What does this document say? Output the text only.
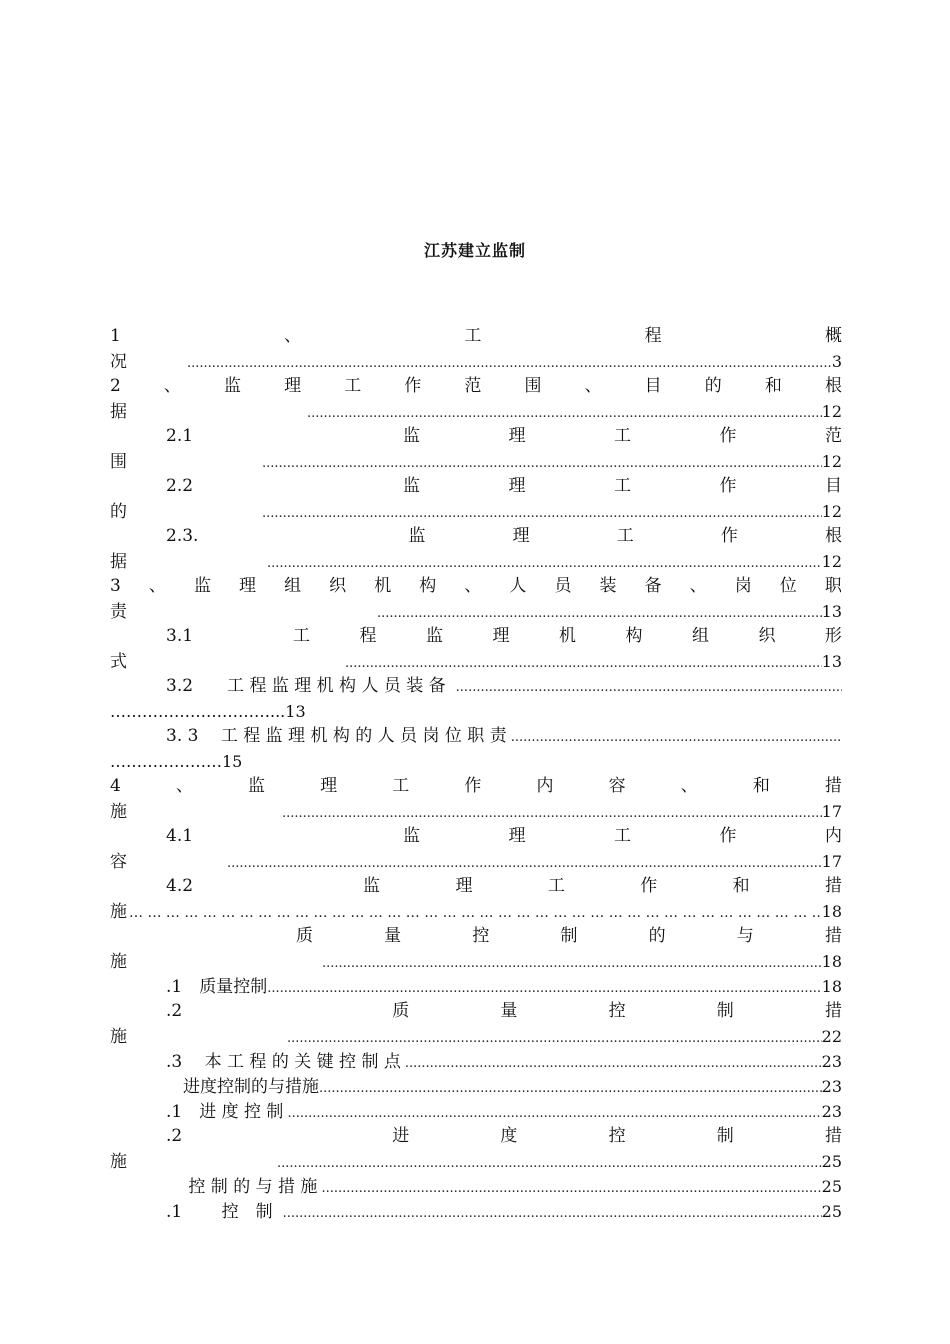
江苏建立监制
1	、	工	程	概
况 .....	3
2	、	监	理	工	作	范	围	、	目	的	和	根
据 .....	12
2.1	监	理	工	作	范
围 .....	12
2.2	监	理	工	作	目
的 .....	12
2.3.	监	理	工	作	根
据 .....	12
3 、 监 理 组 织 机 构 、 人 员 装 备 、 岗 位 职
责 .....	13
3.1	工	程	监	理	机	构	组	织	形
式 .....	13
3.2　　工 程 监 理 机 构 人 员 装 备
.....
…………………………...13
3. 3　 工 程 监 理 机 构 的 人 员 岗 位 职 责
.....
…………………15
4	、	监	理	工	作	内	容	、	和	措
施 .....	17
4.1	监	理	工	作	内
容 .....	17
4.2	监	理	工	作	和	措
施 … … … … … … … … … … … … … … … … … … … … … … … … … … … … … … … … … … … … … …	18
质	量	控	制	的	与	措
施 .....	18
.1　质量控制 .....	18
.2	质	量	控	制	措
施 .....	22
.3　 本 工 程 的 关 键 控 制 点 .....	23
　进度控制的与措施 .....	23
.1　进 度 控 制 .....	23
.2	进	度	控	制	措
施 .....	25
　 控 制 的 与 措 施 .....	25
.1　　 控　制 .....	25
